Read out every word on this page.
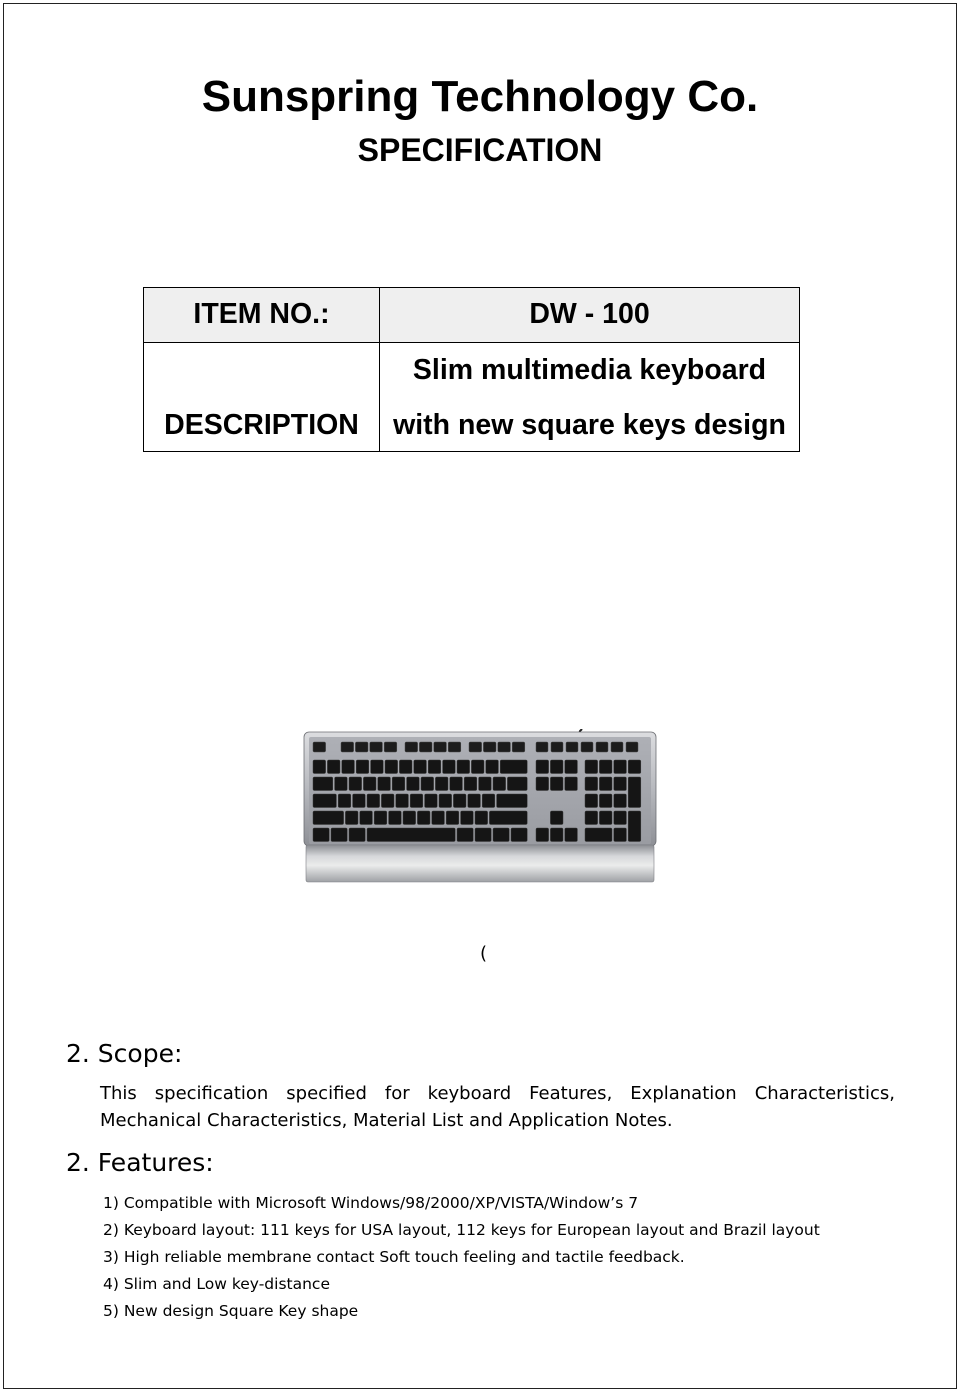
Sunspring Technology Co.
SPECIFICATION
ITEM NO.:	DW - 100
DESCRIPTION
Slim multimedia keyboard
with new square keys design
(
2. Scope:
This specification specified for keyboard Features, Explanation Characteristics,
Mechanical Characteristics, Material List and Application Notes.
2. Features:
1) Compatible with Microsoft Windows/98/2000/XP/VISTA/Window’s 7
2) Keyboard layout: 111 keys for USA layout, 112 keys for European layout and Brazil layout
3) High reliable membrane contact Soft touch feeling and tactile feedback.
4) Slim and Low key-distance
5) New design Square Key shape
